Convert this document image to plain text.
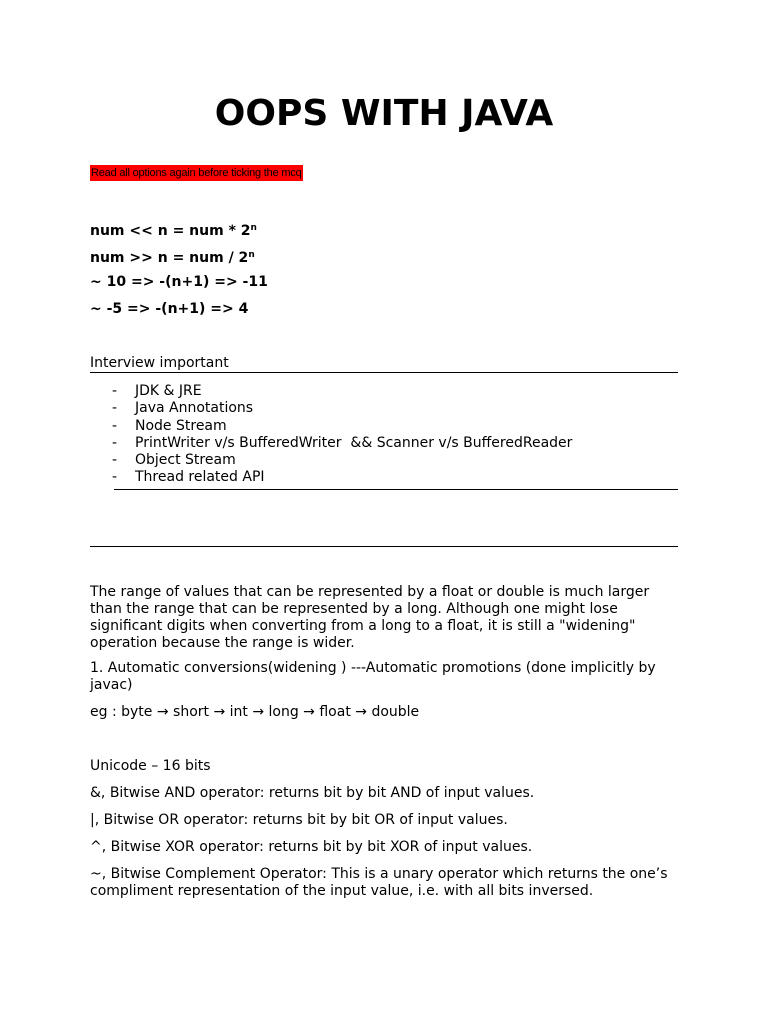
OOPS WITH JAVA
Read all options again before ticking the mcq
num << n = num * 2$^n$
num >> n = num / 2$^n$
~ 10 => -(n+1) => -11
~ -5 => -(n+1) => 4
Interview important
- JDK & JRE
- Java Annotations
- Node Stream
- PrintWriter v/s BufferedWriter  && Scanner v/s BufferedReader
- Object Stream
- Thread related API

The range of values that can be represented by a float or double is much larger than the range that can be represented by a long. Although one might lose significant digits when converting from a long to a float, it is still a "widening" operation because the range is wider.

1. Automatic conversions(widening ) ---Automatic promotions (done implicitly by javac)

eg : byte → short → int → long → float → double

Unicode – 16 bits

&, Bitwise AND operator: returns bit by bit AND of input values.

|, Bitwise OR operator: returns bit by bit OR of input values.

^, Bitwise XOR operator: returns bit by bit XOR of input values.

~, Bitwise Complement Operator: This is a unary operator which returns the one’s compliment representation of the input value, i.e. with all bits inversed.
